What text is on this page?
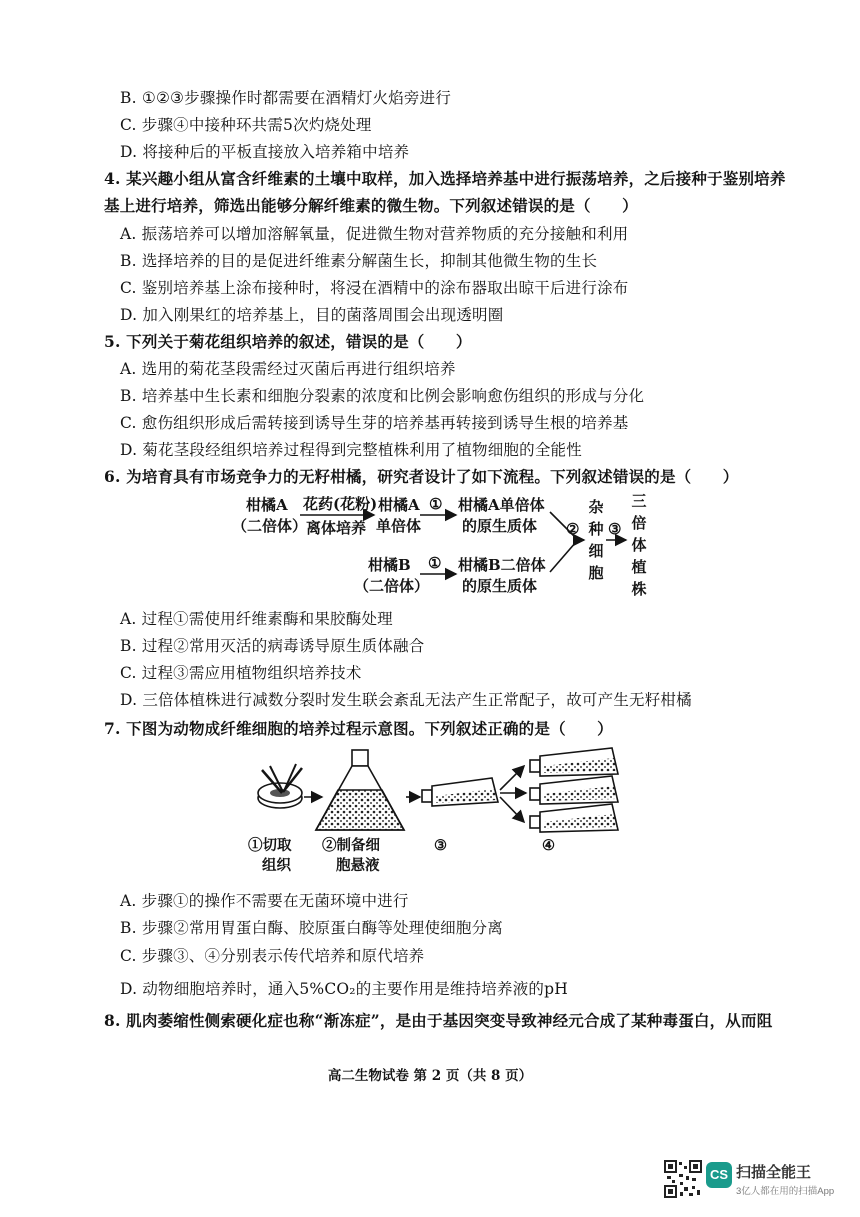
B. ①②③步骤操作时都需要在酒精灯火焰旁进行
C. 步骤④中接种环共需5次灼烧处理
D. 将接种后的平板直接放入培养箱中培养
4. 某兴趣小组从富含纤维素的土壤中取样，加入选择培养基中进行振荡培养，之后接种于鉴别培养
基上进行培养，筛选出能够分解纤维素的微生物。下列叙述错误的是（　　）
A. 振荡培养可以增加溶解氧量，促进微生物对营养物质的充分接触和利用
B. 选择培养的目的是促进纤维素分解菌生长，抑制其他微生物的生长
C. 鉴别培养基上涂布接种时，将浸在酒精中的涂布器取出晾干后进行涂布
D. 加入刚果红的培养基上，目的菌落周围会出现透明圈
5. 下列关于菊花组织培养的叙述，错误的是（　　）
A. 选用的菊花茎段需经过灭菌后再进行组织培养
B. 培养基中生长素和细胞分裂素的浓度和比例会影响愈伤组织的形成与分化
C. 愈伤组织形成后需转接到诱导生芽的培养基再转接到诱导生根的培养基
D. 菊花茎段经组织培养过程得到完整植株利用了植物细胞的全能性
6. 为培育具有市场竞争力的无籽柑橘，研究者设计了如下流程。下列叙述错误的是（　　）
柑橘A
（二倍体）
花药(花粉)
离体培养
柑橘A
单倍体
① 柑橘A单倍体
的原生质体
柑橘B
（二倍体）
① 柑橘B二倍体
的原生质体
②
杂种细胞
③
三倍体植株
A. 过程①需使用纤维素酶和果胶酶处理
B. 过程②常用灭活的病毒诱导原生质体融合
C. 过程③需应用植物组织培养技术
D. 三倍体植株进行减数分裂时发生联会紊乱无法产生正常配子，故可产生无籽柑橘
7. 下图为动物成纤维细胞的培养过程示意图。下列叙述正确的是（　　）
①切取
组织
②制备细
胞悬液
③	④
A. 步骤①的操作不需要在无菌环境中进行
B. 步骤②常用胃蛋白酶、胶原蛋白酶等处理使细胞分离
C. 步骤③、④分别表示传代培养和原代培养
D. 动物细胞培养时，通入5%CO₂的主要作用是维持培养液的pH
8. 肌肉萎缩性侧索硬化症也称“渐冻症”，是由于基因突变导致神经元合成了某种毒蛋白，从而阻
高二生物试卷 第 2 页（共 8 页）
CS 扫描全能王
3亿人都在用的扫描App
